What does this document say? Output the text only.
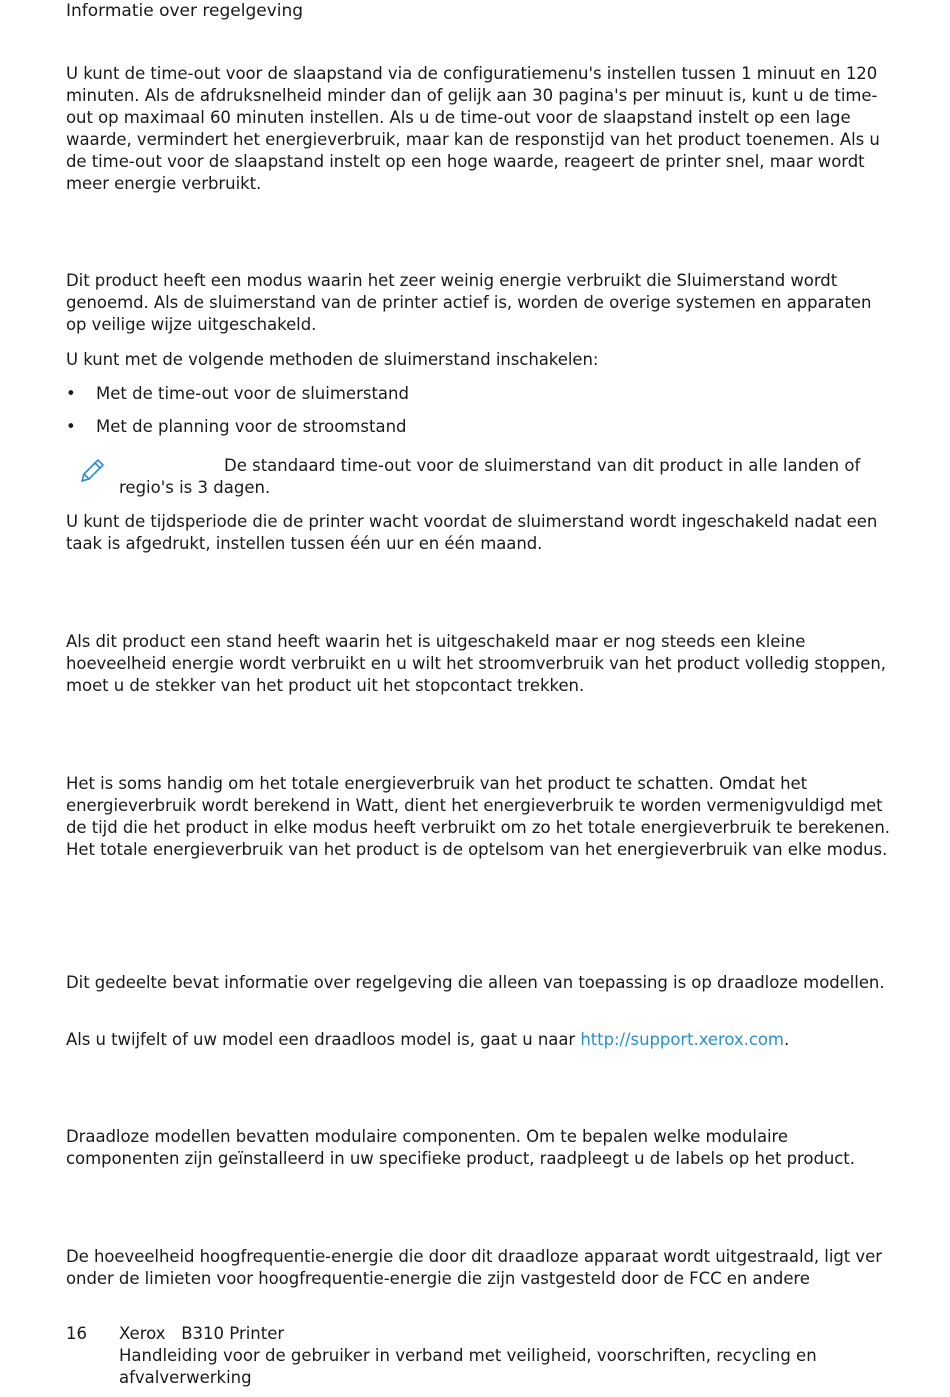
Informatie over regelgeving

U kunt de time-out voor de slaapstand via de configuratiemenu's instellen tussen 1 minuut en 120 minuten. Als de afdruksnelheid minder dan of gelijk aan 30 pagina's per minuut is, kunt u de time-out op maximaal 60 minuten instellen. Als u de time-out voor de slaapstand instelt op een lage waarde, vermindert het energieverbruik, maar kan de responstijd van het product toenemen. Als u de time-out voor de slaapstand instelt op een hoge waarde, reageert de printer snel, maar wordt meer energie verbruikt.

Dit product heeft een modus waarin het zeer weinig energie verbruikt die Sluimerstand wordt genoemd. Als de sluimerstand van de printer actief is, worden de overige systemen en apparaten op veilige wijze uitgeschakeld.

U kunt met de volgende methoden de sluimerstand inschakelen:

• Met de time-out voor de sluimerstand
• Met de planning voor de stroomstand
De standaard time-out voor de sluimerstand van dit product in alle landen of regio's is 3 dagen.

U kunt de tijdsperiode die de printer wacht voordat de sluimerstand wordt ingeschakeld nadat een taak is afgedrukt, instellen tussen één uur en één maand.

Als dit product een stand heeft waarin het is uitgeschakeld maar er nog steeds een kleine hoeveelheid energie wordt verbruikt en u wilt het stroomverbruik van het product volledig stoppen, moet u de stekker van het product uit het stopcontact trekken.

Het is soms handig om het totale energieverbruik van het product te schatten. Omdat het energieverbruik wordt berekend in Watt, dient het energieverbruik te worden vermenigvuldigd met de tijd die het product in elke modus heeft verbruikt om zo het totale energieverbruik te berekenen. Het totale energieverbruik van het product is de optelsom van het energieverbruik van elke modus.

Dit gedeelte bevat informatie over regelgeving die alleen van toepassing is op draadloze modellen.

Als u twijfelt of uw model een draadloos model is, gaat u naar http://support.xerox.com.

Draadloze modellen bevatten modulaire componenten. Om te bepalen welke modulaire componenten zijn geïnstalleerd in uw specifieke product, raadpleegt u de labels op het product.

De hoeveelheid hoogfrequentie-energie die door dit draadloze apparaat wordt uitgestraald, ligt ver onder de limieten voor hoogfrequentie-energie die zijn vastgesteld door de FCC en andere

16 Xerox   B310 Printer
Handleiding voor de gebruiker in verband met veiligheid, voorschriften, recycling en afvalverwerking
